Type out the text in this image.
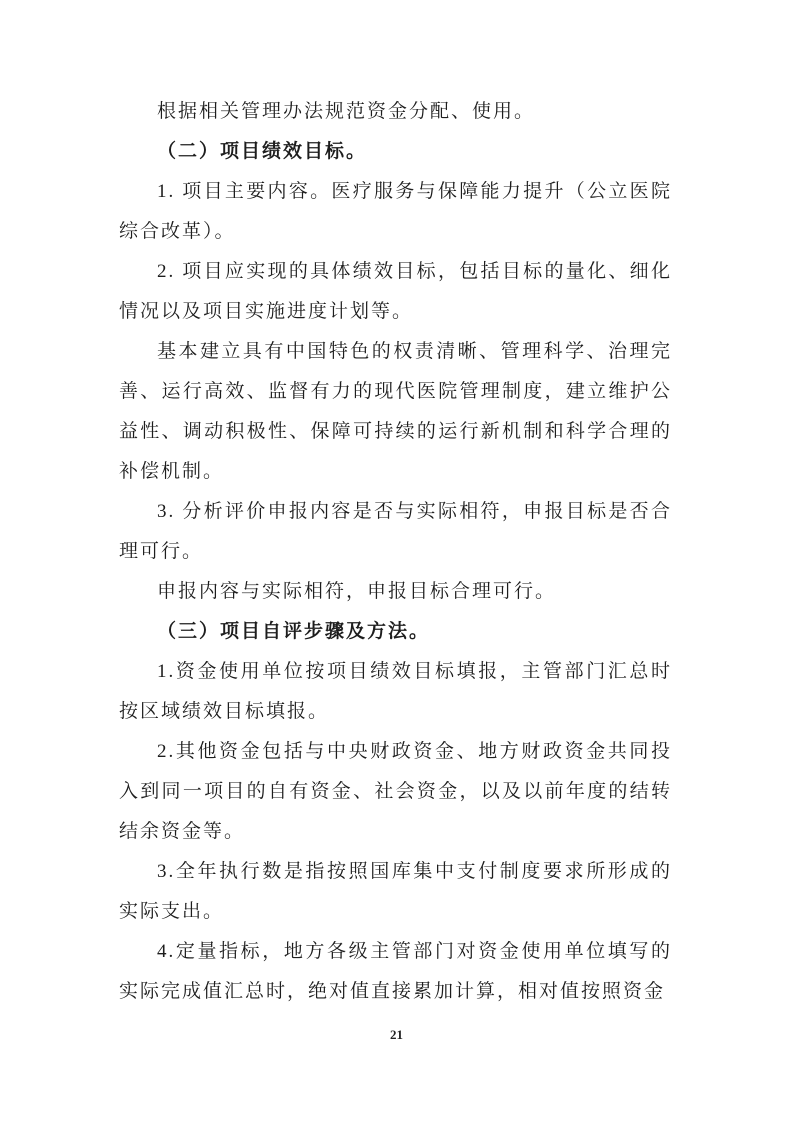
根据相关管理办法规范资金分配、使用。

（二）项目绩效目标。

1. 项目主要内容。医疗服务与保障能力提升（公立医院综合改革）。

2. 项目应实现的具体绩效目标，包括目标的量化、细化情况以及项目实施进度计划等。

基本建立具有中国特色的权责清晰、管理科学、治理完善、运行高效、监督有力的现代医院管理制度，建立维护公益性、调动积极性、保障可持续的运行新机制和科学合理的补偿机制。

3. 分析评价申报内容是否与实际相符，申报目标是否合理可行。

申报内容与实际相符，申报目标合理可行。

（三）项目自评步骤及方法。

1.资金使用单位按项目绩效目标填报，主管部门汇总时按区域绩效目标填报。

2.其他资金包括与中央财政资金、地方财政资金共同投入到同一项目的自有资金、社会资金，以及以前年度的结转结余资金等。

3.全年执行数是指按照国库集中支付制度要求所形成的实际支出。

4.定量指标，地方各级主管部门对资金使用单位填写的实际完成值汇总时，绝对值直接累加计算，相对值按照资金

21
